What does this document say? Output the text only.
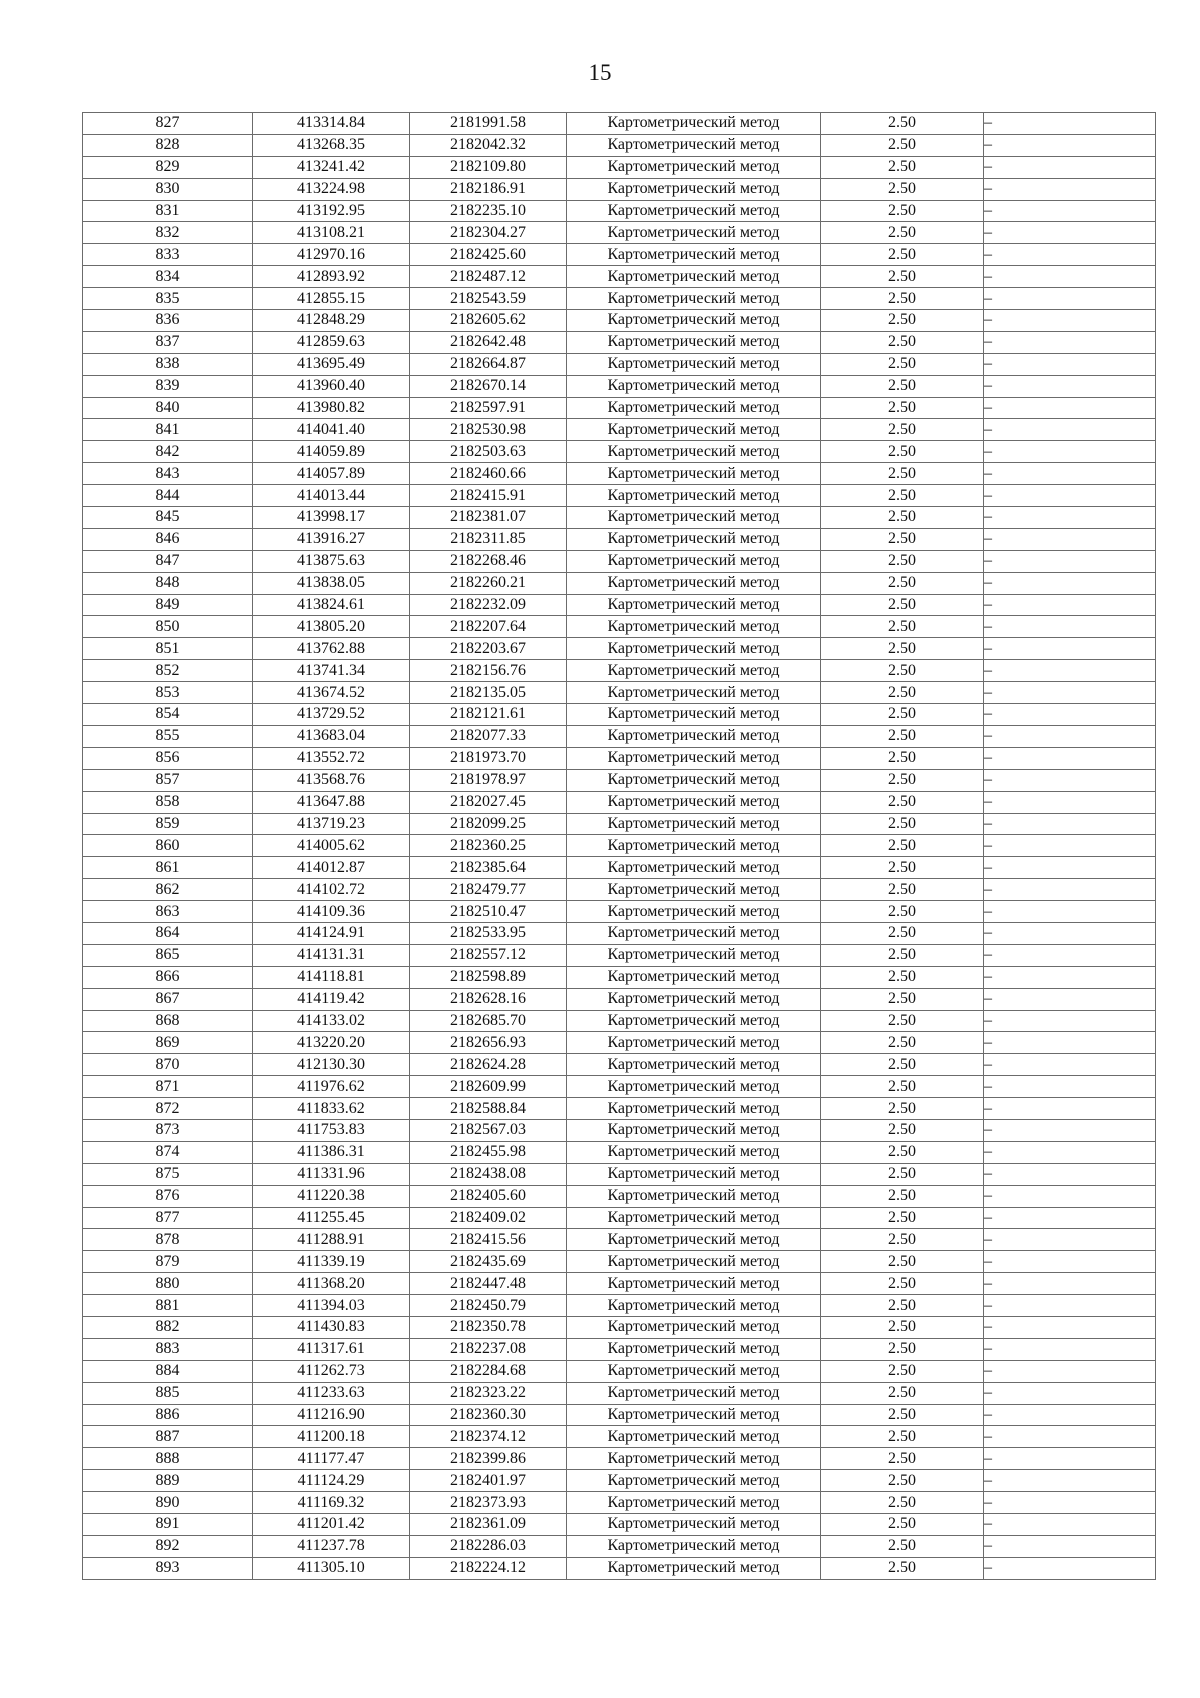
15
827	413314.84	2181991.58	Картометрический метод	2.50	–
828	413268.35	2182042.32	Картометрический метод	2.50	–
829	413241.42	2182109.80	Картометрический метод	2.50	–
830	413224.98	2182186.91	Картометрический метод	2.50	–
831	413192.95	2182235.10	Картометрический метод	2.50	–
832	413108.21	2182304.27	Картометрический метод	2.50	–
833	412970.16	2182425.60	Картометрический метод	2.50	–
834	412893.92	2182487.12	Картометрический метод	2.50	–
835	412855.15	2182543.59	Картометрический метод	2.50	–
836	412848.29	2182605.62	Картометрический метод	2.50	–
837	412859.63	2182642.48	Картометрический метод	2.50	–
838	413695.49	2182664.87	Картометрический метод	2.50	–
839	413960.40	2182670.14	Картометрический метод	2.50	–
840	413980.82	2182597.91	Картометрический метод	2.50	–
841	414041.40	2182530.98	Картометрический метод	2.50	–
842	414059.89	2182503.63	Картометрический метод	2.50	–
843	414057.89	2182460.66	Картометрический метод	2.50	–
844	414013.44	2182415.91	Картометрический метод	2.50	–
845	413998.17	2182381.07	Картометрический метод	2.50	–
846	413916.27	2182311.85	Картометрический метод	2.50	–
847	413875.63	2182268.46	Картометрический метод	2.50	–
848	413838.05	2182260.21	Картометрический метод	2.50	–
849	413824.61	2182232.09	Картометрический метод	2.50	–
850	413805.20	2182207.64	Картометрический метод	2.50	–
851	413762.88	2182203.67	Картометрический метод	2.50	–
852	413741.34	2182156.76	Картометрический метод	2.50	–
853	413674.52	2182135.05	Картометрический метод	2.50	–
854	413729.52	2182121.61	Картометрический метод	2.50	–
855	413683.04	2182077.33	Картометрический метод	2.50	–
856	413552.72	2181973.70	Картометрический метод	2.50	–
857	413568.76	2181978.97	Картометрический метод	2.50	–
858	413647.88	2182027.45	Картометрический метод	2.50	–
859	413719.23	2182099.25	Картометрический метод	2.50	–
860	414005.62	2182360.25	Картометрический метод	2.50	–
861	414012.87	2182385.64	Картометрический метод	2.50	–
862	414102.72	2182479.77	Картометрический метод	2.50	–
863	414109.36	2182510.47	Картометрический метод	2.50	–
864	414124.91	2182533.95	Картометрический метод	2.50	–
865	414131.31	2182557.12	Картометрический метод	2.50	–
866	414118.81	2182598.89	Картометрический метод	2.50	–
867	414119.42	2182628.16	Картометрический метод	2.50	–
868	414133.02	2182685.70	Картометрический метод	2.50	–
869	413220.20	2182656.93	Картометрический метод	2.50	–
870	412130.30	2182624.28	Картометрический метод	2.50	–
871	411976.62	2182609.99	Картометрический метод	2.50	–
872	411833.62	2182588.84	Картометрический метод	2.50	–
873	411753.83	2182567.03	Картометрический метод	2.50	–
874	411386.31	2182455.98	Картометрический метод	2.50	–
875	411331.96	2182438.08	Картометрический метод	2.50	–
876	411220.38	2182405.60	Картометрический метод	2.50	–
877	411255.45	2182409.02	Картометрический метод	2.50	–
878	411288.91	2182415.56	Картометрический метод	2.50	–
879	411339.19	2182435.69	Картометрический метод	2.50	–
880	411368.20	2182447.48	Картометрический метод	2.50	–
881	411394.03	2182450.79	Картометрический метод	2.50	–
882	411430.83	2182350.78	Картометрический метод	2.50	–
883	411317.61	2182237.08	Картометрический метод	2.50	–
884	411262.73	2182284.68	Картометрический метод	2.50	–
885	411233.63	2182323.22	Картометрический метод	2.50	–
886	411216.90	2182360.30	Картометрический метод	2.50	–
887	411200.18	2182374.12	Картометрический метод	2.50	–
888	411177.47	2182399.86	Картометрический метод	2.50	–
889	411124.29	2182401.97	Картометрический метод	2.50	–
890	411169.32	2182373.93	Картометрический метод	2.50	–
891	411201.42	2182361.09	Картометрический метод	2.50	–
892	411237.78	2182286.03	Картометрический метод	2.50	–
893	411305.10	2182224.12	Картометрический метод	2.50	–
